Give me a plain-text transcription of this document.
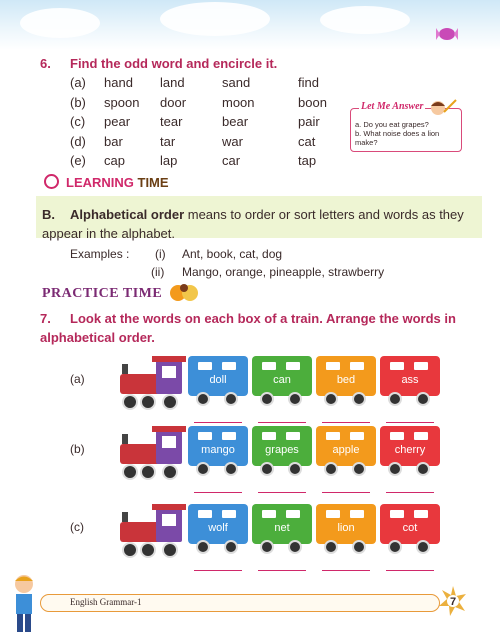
6. Find the odd word and encircle it.
(a) hand land	sand	find
(b) spoon door	moon	boon
(c) pear tear	bear	pair
(d) bar	tar	war	cat
(e) cap	lap	car	tap
Let Me Answer
a. Do you eat grapes?
b. What noise does a lion make?
LEARNING TIME
B. Alphabetical order means to order or sort letters and words as they appear in the alphabet.
Examples : (i) Ant, book, cat, dog
(ii) Mango, orange, pineapple, strawberry
PRACTICE TIME
7. Look at the words on each box of a train. Arrange the words in alphabetical order.
(a)	doll	can	bed	ass
(b)	mango	grapes	apple	cherry
(c)	wolf	net	lion	cot
English Grammar-1	7
